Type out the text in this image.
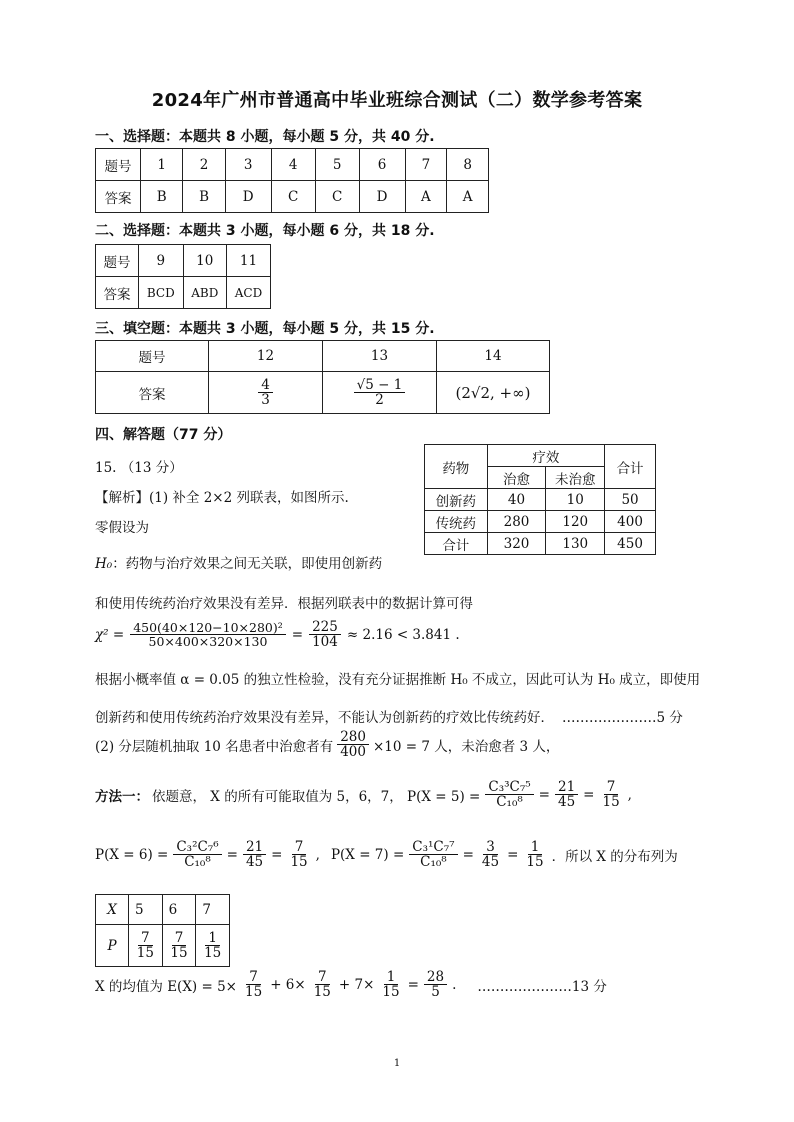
2024年广州市普通高中毕业班综合测试（二）数学参考答案
一、选择题：本题共 8 小题，每小题 5 分，共 40 分.
题号	1	2	3	4	5	6	7	8
答案	B	B	D	C	C	D	A	A
二、选择题：本题共 3 小题，每小题 6 分，共 18 分.
题号	9	10	11
答案	BCD	ABD	ACD
三、填空题：本题共 3 小题，每小题 5 分，共 15 分.
题号	12	13	14
答案	$\frac{4}{3}$	$\frac{√5 - 1}{2}$	(2√2, +∞)
四、解答题（77 分）
15. （13 分）
【解析】(1) 补全 2×2 列联表，如图所示.
零假设为
H₀：药物与治疗效果之间无关联，即使用创新药
和使用传统药治疗效果没有差异．根据列联表中的数据计算可得
药物	疗效		合计
	治愈	未治愈	
创新药	40	10	50
传统药	280	120	400
合计	320	130	450
$\chi^2 = \frac{\text{450(40×120−10×280)²}}{50\times 400\times 320\times 130} = \frac{225}{104} \approx 2.16 < 3.841$ .
根据小概率值 α = 0.05 的独立性检验，没有充分证据推断 H₀ 不成立，因此可认为 H₀ 成立，即使用
创新药和使用传统药治疗效果没有差异，不能认为创新药的疗效比传统药好． …………………5 分
(2) 分层随机抽取 10 名患者中治愈者有 $\frac{280}{400} \times 10 = 7$ 人，未治愈者 3 人，
方法一： 依题意， X 的所有可能取值为 5，6，7， $P(X = 5) = \frac{\text{C₃³C₇⁵}}{\text{C₁₀⁸}} = \frac{21}{45} = \frac{7}{15}$ ,
$P(X = 6) = \frac{\text{C₃²C₇⁶}}{\text{C₁₀⁸}} = \frac{21}{45} = \frac{7}{15}$ , $P(X = 7) = \frac{\text{C₃¹C₇⁷}}{\text{C₁₀⁸}} = \frac{3}{45} = \frac{1}{15}$ ．所以 X 的分布列为
X	5	6	7
P	$\frac{7}{15}$	$\frac{7}{15}$	$\frac{1}{15}$
X 的均值为 $E(X) = 5\times \frac{7}{15} + 6\times \frac{7}{15} + 7\times \frac{1}{15} = \frac{28}{5}$ . …………………13 分
1
